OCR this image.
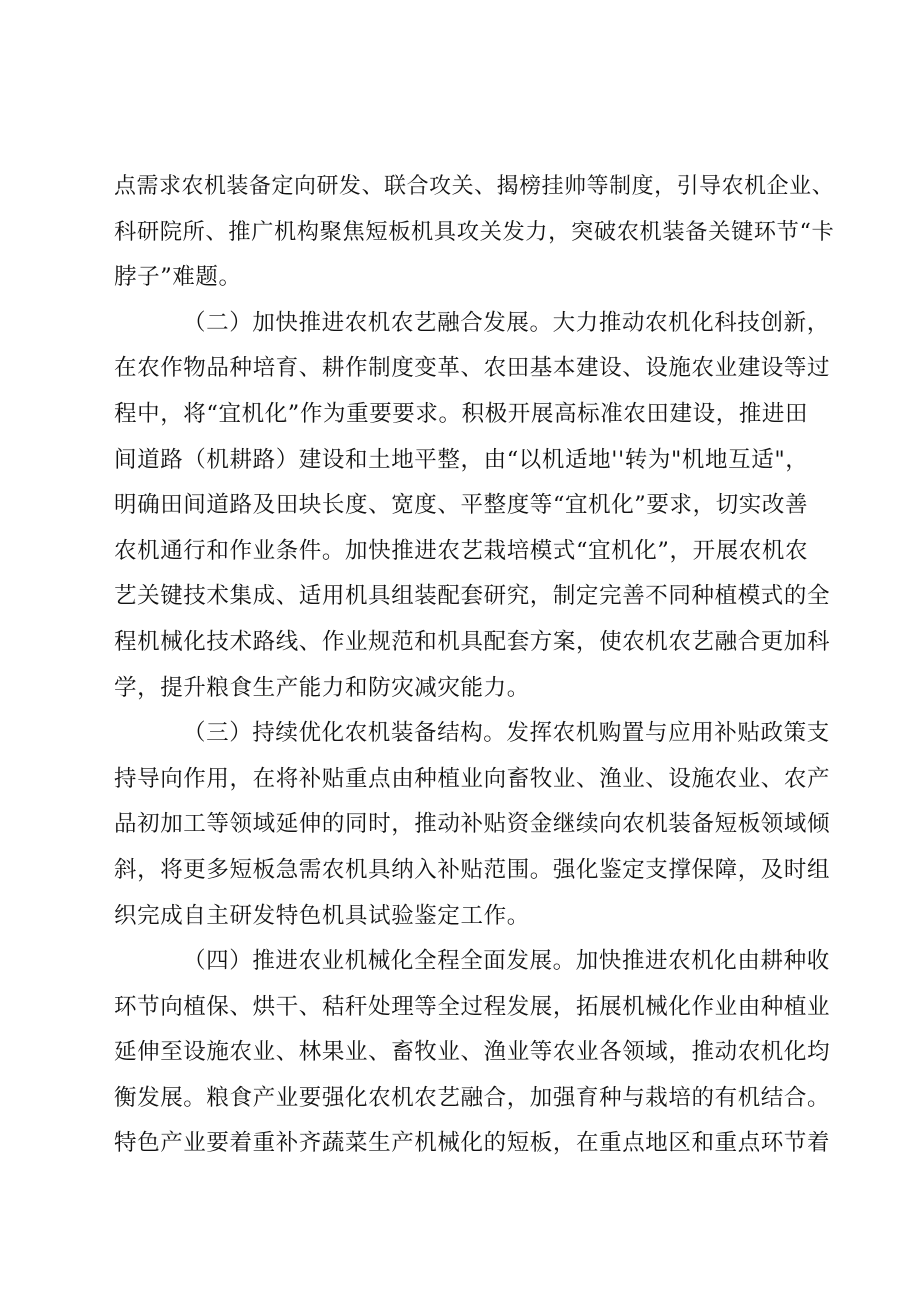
点需求农机装备定向研发、联合攻关、揭榜挂帅等制度，引导农机企业、
科研院所、推广机构聚焦短板机具攻关发力，突破农机装备关键环节“卡
脖子”难题。
（二）加快推进农机农艺融合发展。大力推动农机化科技创新，
在农作物品种培育、耕作制度变革、农田基本建设、设施农业建设等过
程中，将“宜机化”作为重要要求。积极开展高标准农田建设，推进田
间道路（机耕路）建设和土地平整，由“以机适地''转为"机地互适"，
明确田间道路及田块长度、宽度、平整度等“宜机化”要求，切实改善
农机通行和作业条件。加快推进农艺栽培模式“宜机化”，开展农机农
艺关键技术集成、适用机具组装配套研究，制定完善不同种植模式的全
程机械化技术路线、作业规范和机具配套方案，使农机农艺融合更加科
学，提升粮食生产能力和防灾减灾能力。
（三）持续优化农机装备结构。发挥农机购置与应用补贴政策支
持导向作用，在将补贴重点由种植业向畜牧业、渔业、设施农业、农产
品初加工等领域延伸的同时，推动补贴资金继续向农机装备短板领域倾
斜，将更多短板急需农机具纳入补贴范围。强化鉴定支撑保障，及时组
织完成自主研发特色机具试验鉴定工作。
（四）推进农业机械化全程全面发展。加快推进农机化由耕种收
环节向植保、烘干、秸秆处理等全过程发展，拓展机械化作业由种植业
延伸至设施农业、林果业、畜牧业、渔业等农业各领域，推动农机化均
衡发展。粮食产业要强化农机农艺融合，加强育种与栽培的有机结合。
特色产业要着重补齐蔬菜生产机械化的短板，在重点地区和重点环节着
